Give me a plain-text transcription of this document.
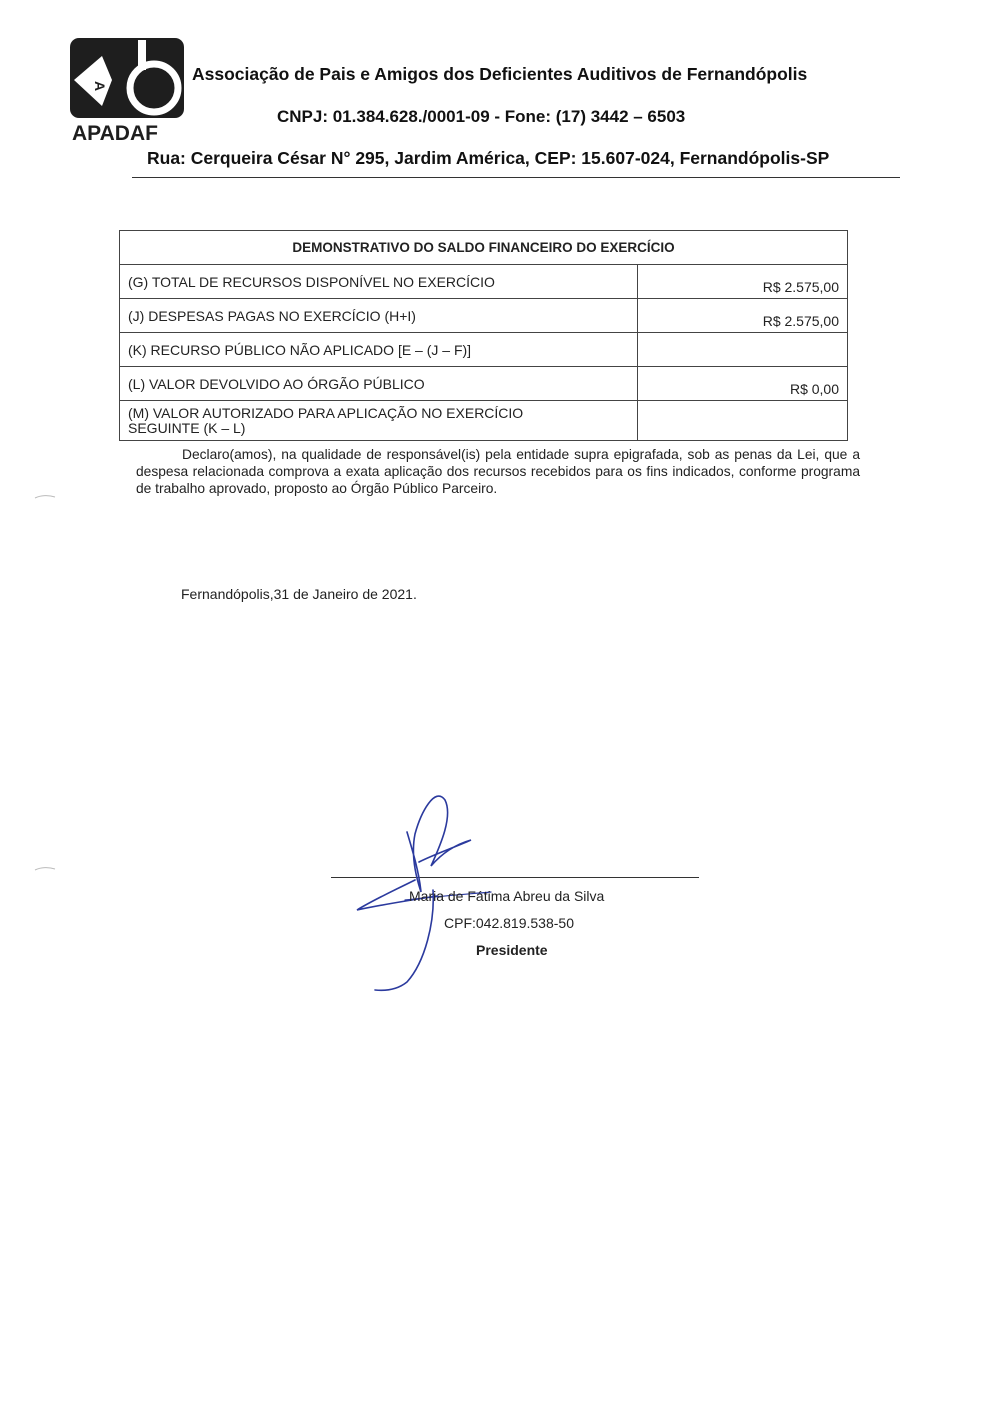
A
APADAF
Associação de Pais e Amigos dos Deficientes Auditivos de Fernandópolis
CNPJ: 01.384.628./0001-09 - Fone: (17) 3442 – 6503
Rua: Cerqueira César N° 295, Jardim América, CEP: 15.607-024, Fernandópolis-SP
DEMONSTRATIVO DO SALDO FINANCEIRO DO EXERCÍCIO	
(G) TOTAL DE RECURSOS DISPONÍVEL NO EXERCÍCIO	R$ 2.575,00
(J) DESPESAS PAGAS NO EXERCÍCIO (H+I)	R$ 2.575,00
(K) RECURSO PÚBLICO NÃO APLICADO [E – (J – F)]	
(L) VALOR DEVOLVIDO AO ÓRGÃO PÚBLICO	R$ 0,00
(M) VALOR AUTORIZADO PARA APLICAÇÃO NO EXERCÍCIO
SEGUINTE (K – L)	
Declaro(amos), na qualidade de responsável(is) pela entidade supra epigrafada, sob as penas da Lei, que a despesa relacionada comprova a exata aplicação dos recursos recebidos para os fins indicados, conforme programa de trabalho aprovado, proposto ao Órgão Público Parceiro.
Fernandópolis,31 de Janeiro de 2021.
Maria de Fátima Abreu da Silva
CPF:042.819.538-50
Presidente
